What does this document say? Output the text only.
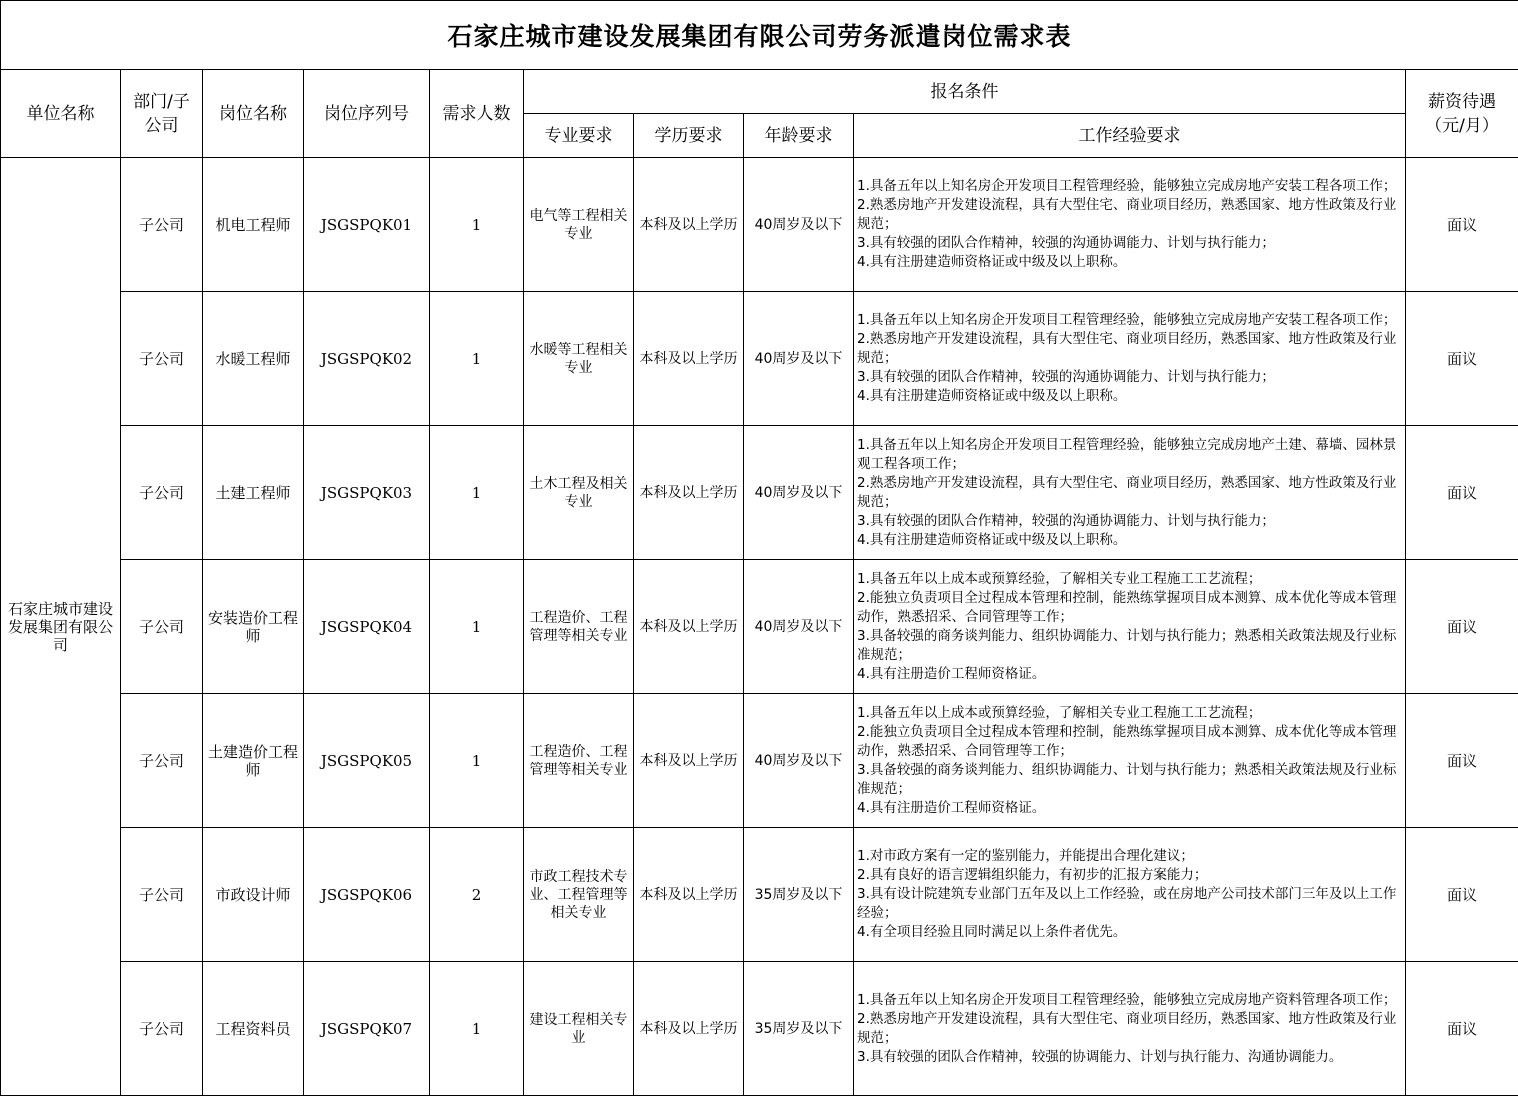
石家庄城市建设发展集团有限公司劳务派遣岗位需求表									
单位名称	部门/子公司	岗位名称	岗位序列号	需求人数	报名条件				薪资待遇（元/月）
					专业要求	学历要求	年龄要求	工作经验要求	
石家庄城市建设发展集团有限公司	子公司	机电工程师	JSGSPQK01	1	电气等工程相关专业	本科及以上学历	40周岁及以下	1.具备五年以上知名房企开发项目工程管理经验，能够独立完成房地产安装工程各项工作；
2.熟悉房地产开发建设流程，具有大型住宅、商业项目经历，熟悉国家、地方性政策及行业规范；
3.具有较强的团队合作精神，较强的沟通协调能力、计划与执行能力；
4.具有注册建造师资格证或中级及以上职称。	面议
	子公司	水暖工程师	JSGSPQK02	1	水暖等工程相关专业	本科及以上学历	40周岁及以下	1.具备五年以上知名房企开发项目工程管理经验，能够独立完成房地产安装工程各项工作；
2.熟悉房地产开发建设流程，具有大型住宅、商业项目经历，熟悉国家、地方性政策及行业规范；
3.具有较强的团队合作精神，较强的沟通协调能力、计划与执行能力；
4.具有注册建造师资格证或中级及以上职称。	面议
	子公司	土建工程师	JSGSPQK03	1	土木工程及相关专业	本科及以上学历	40周岁及以下	1.具备五年以上知名房企开发项目工程管理经验，能够独立完成房地产土建、幕墙、园林景观工程各项工作；
2.熟悉房地产开发建设流程，具有大型住宅、商业项目经历，熟悉国家、地方性政策及行业规范；
3.具有较强的团队合作精神，较强的沟通协调能力、计划与执行能力；
4.具有注册建造师资格证或中级及以上职称。	面议
	子公司	安装造价工程师	JSGSPQK04	1	工程造价、工程管理等相关专业	本科及以上学历	40周岁及以下	1.具备五年以上成本或预算经验，了解相关专业工程施工工艺流程；
2.能独立负责项目全过程成本管理和控制，能熟练掌握项目成本测算、成本优化等成本管理动作，熟悉招采、合同管理等工作；
3.具备较强的商务谈判能力、组织协调能力、计划与执行能力；熟悉相关政策法规及行业标准规范；
4.具有注册造价工程师资格证。	面议
	子公司	土建造价工程师	JSGSPQK05	1	工程造价、工程管理等相关专业	本科及以上学历	40周岁及以下	1.具备五年以上成本或预算经验，了解相关专业工程施工工艺流程；
2.能独立负责项目全过程成本管理和控制，能熟练掌握项目成本测算、成本优化等成本管理动作，熟悉招采、合同管理等工作；
3.具备较强的商务谈判能力、组织协调能力、计划与执行能力；熟悉相关政策法规及行业标准规范；
4.具有注册造价工程师资格证。	面议
	子公司	市政设计师	JSGSPQK06	2	市政工程技术专业、工程管理等相关专业	本科及以上学历	35周岁及以下	1.对市政方案有一定的鉴别能力，并能提出合理化建议；
2.具有良好的语言逻辑组织能力，有初步的汇报方案能力；
3.具有设计院建筑专业部门五年及以上工作经验，或在房地产公司技术部门三年及以上工作经验；
4.有全项目经验且同时满足以上条件者优先。	面议
	子公司	工程资料员	JSGSPQK07	1	建设工程相关专业	本科及以上学历	35周岁及以下	1.具备五年以上知名房企开发项目工程管理经验，能够独立完成房地产资料管理各项工作；
2.熟悉房地产开发建设流程，具有大型住宅、商业项目经历，熟悉国家、地方性政策及行业规范；
3.具有较强的团队合作精神，较强的协调能力、计划与执行能力、沟通协调能力。	面议
